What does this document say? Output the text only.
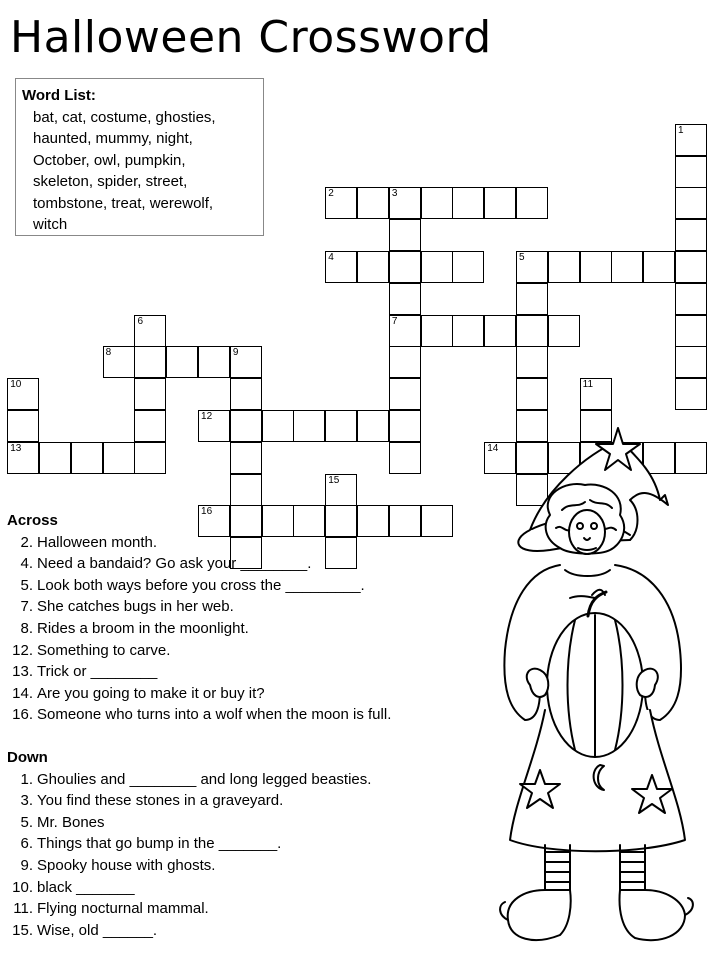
Halloween Crossword
Word List:
bat, cat, costume, ghosties,
haunted, mummy, night,
October, owl, pumpkin,
skeleton, spider, street,
tombstone, treat, werewolf,
witch
1
2	3
7
4	5
6
8	9
10
13
11
12
14
15
16
Across
2. Halloween month.
4. Need a bandaid? Go ask your ________.
5. Look both ways before you cross the _________.
7. She catches bugs in her web.
8. Rides a broom in the moonlight.
12. Something to carve.
13. Trick or ________
14. Are you going to make it or buy it?
16. Someone who turns into a wolf when the moon is full.
Down
1. Ghoulies and ________ and long legged beasties.
3. You find these stones in a graveyard.
5. Mr. Bones
6. Things that go bump in the _______.
9. Spooky house with ghosts.
10. black _______
11. Flying nocturnal mammal.
15. Wise, old ______.
